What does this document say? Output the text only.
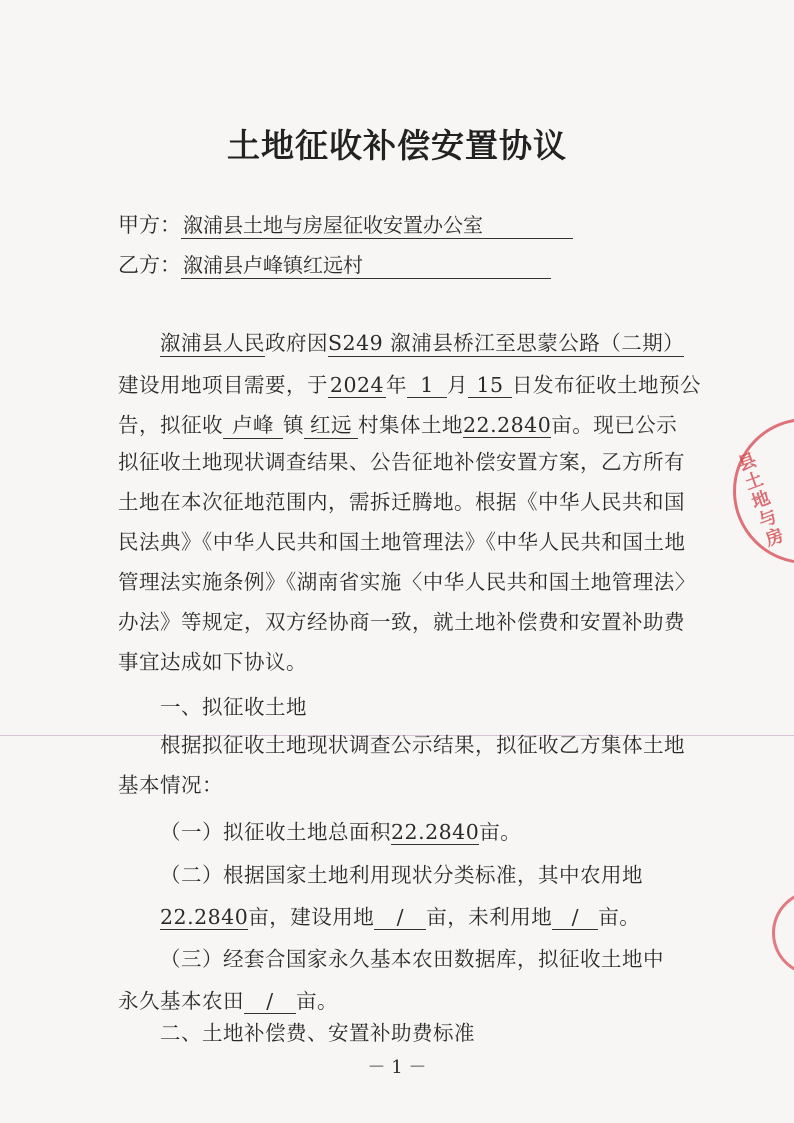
土地征收补偿安置协议
甲方： 溆浦县土地与房屋征收安置办公室
乙方： 溆浦县卢峰镇红远村
溆浦县人民政府因S249 溆浦县桥江至思蒙公路（二期）
建设用地项目需要，于2024年 1 月 15 日发布征收土地预公
告，拟征收 卢峰 镇 红远 村集体土地22.2840亩。现已公示
拟征收土地现状调查结果、公告征地补偿安置方案，乙方所有土地在本次征地范围内，需拆迁腾地。根据《中华人民共和国民法典》《中华人民共和国土地管理法》《中华人民共和国土地管理法实施条例》《湖南省实施〈中华人民共和国土地管理法〉办法》等规定，双方经协商一致，就土地补偿费和安置补助费事宜达成如下协议。
一、拟征收土地
根据拟征收土地现状调查公示结果，拟征收乙方集体土地基本情况：
（一）拟征收土地总面积22.2840亩。
（二）根据国家土地利用现状分类标准，其中农用地
22.2840亩，建设用地 / 亩，未利用地 / 亩。
（三）经套合国家永久基本农田数据库，拟征收土地中
永久基本农田 / 亩。
二、土地补偿费、安置补助费标准
－ 1 －
县土地与房
